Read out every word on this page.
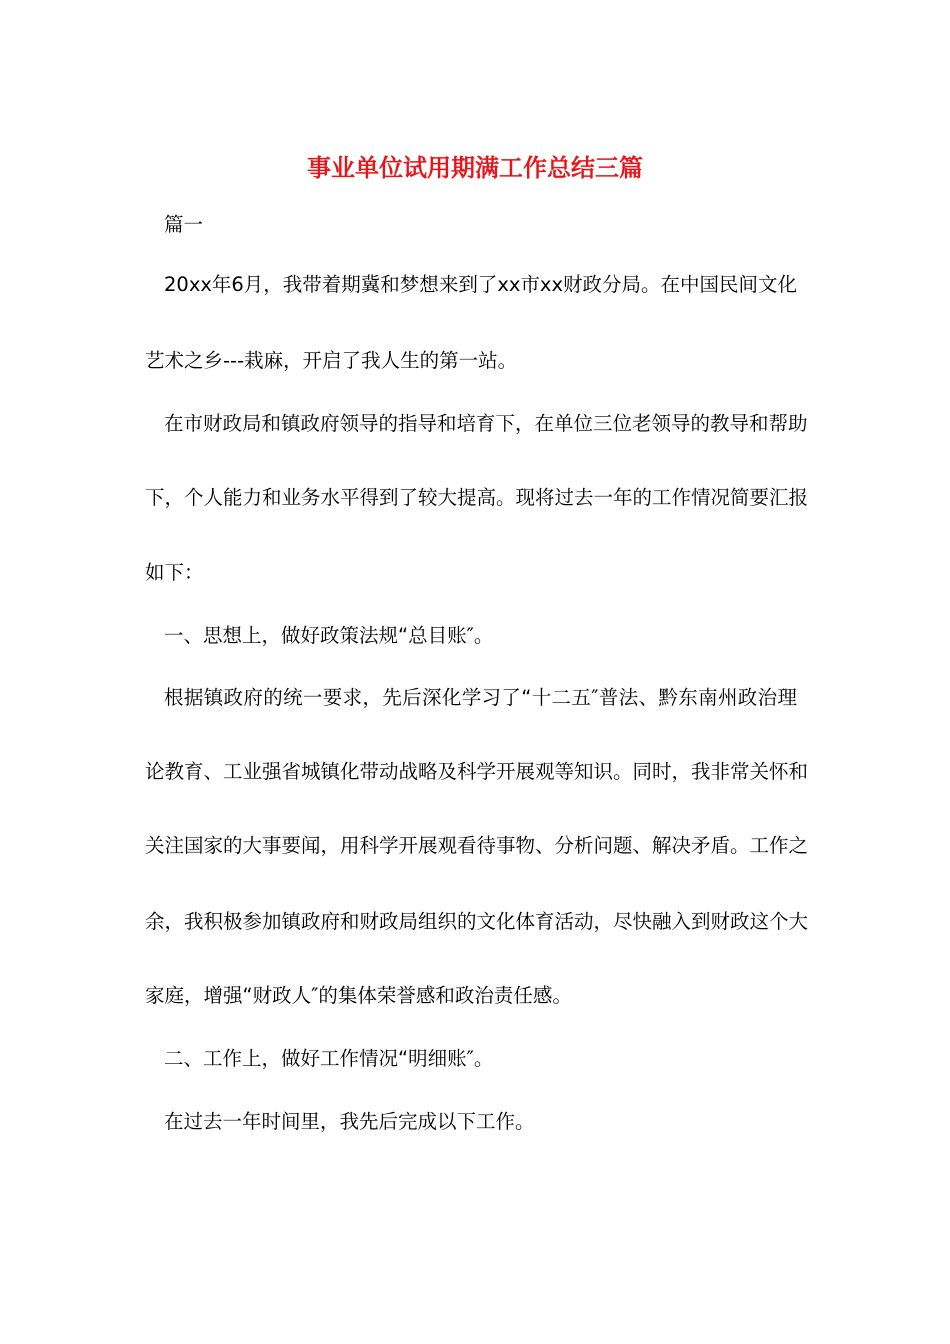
事业单位试用期满工作总结三篇
篇一
20xx年6月，我带着期冀和梦想来到了xx市xx财政分局。在中国民间文化
艺术之乡---栽麻，开启了我人生的第一站。
在市财政局和镇政府领导的指导和培育下，在单位三位老领导的教导和帮助
下，个人能力和业务水平得到了较大提高。现将过去一年的工作情况简要汇报
如下：
一、思想上，做好政策法规“总目账″。
根据镇政府的统一要求，先后深化学习了“十二五″普法、黔东南州政治理
论教育、工业强省城镇化带动战略及科学开展观等知识。同时，我非常关怀和
关注国家的大事要闻，用科学开展观看待事物、分析问题、解决矛盾。工作之
余，我积极参加镇政府和财政局组织的文化体育活动，尽快融入到财政这个大
家庭，增强“财政人″的集体荣誉感和政治责任感。
二、工作上，做好工作情况“明细账″。
在过去一年时间里，我先后完成以下工作。
